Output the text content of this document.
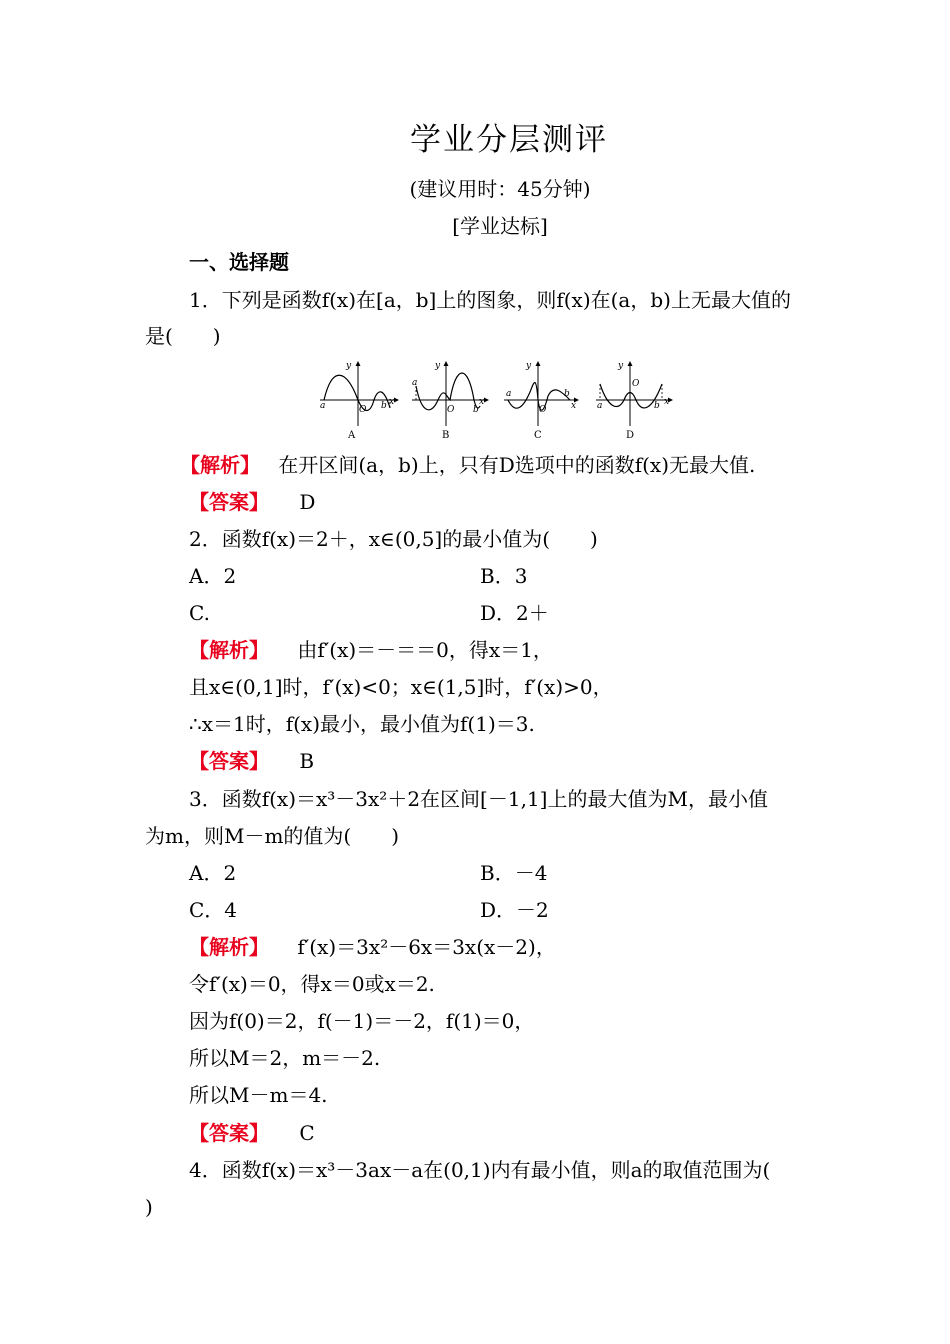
学业分层测评
(建议用时：45分钟)
[学业达标]
一、选择题
1．下列是函数f(x)在[a，b]上的图象，则f(x)在(a，b)上无最大值的
是(　　)
y
O
a	b x
y
O
a
b
x
y
O
a	b
x
y
O
a	b x
A	B	C	D
【解析】 在开区间(a，b)上，只有D选项中的函数f(x)无最大值.
【答案】 D
2．函数f(x)＝2＋，x∈(0,5]的最小值为(　　)
A．2	B．3
C.	D．2＋
【解析】 由f′(x)＝－＝＝0，得x＝1，
且x∈(0,1]时，f′(x)<0；x∈(1,5]时，f′(x)>0，
∴x＝1时，f(x)最小，最小值为f(1)＝3.
【答案】 B
3．函数f(x)＝x³－3x²＋2在区间[－1,1]上的最大值为M，最小值
为m，则M－m的值为(　　)
A．2	B．－4
C．4	D．－2
【解析】 f′(x)＝3x²－6x＝3x(x－2)，
令f′(x)＝0，得x＝0或x＝2.
因为f(0)＝2，f(－1)＝－2，f(1)＝0，
所以M＝2，m＝－2.
所以M－m＝4.
【答案】 C
4．函数f(x)＝x³－3ax－a在(0,1)内有最小值，则a的取值范围为(
)
